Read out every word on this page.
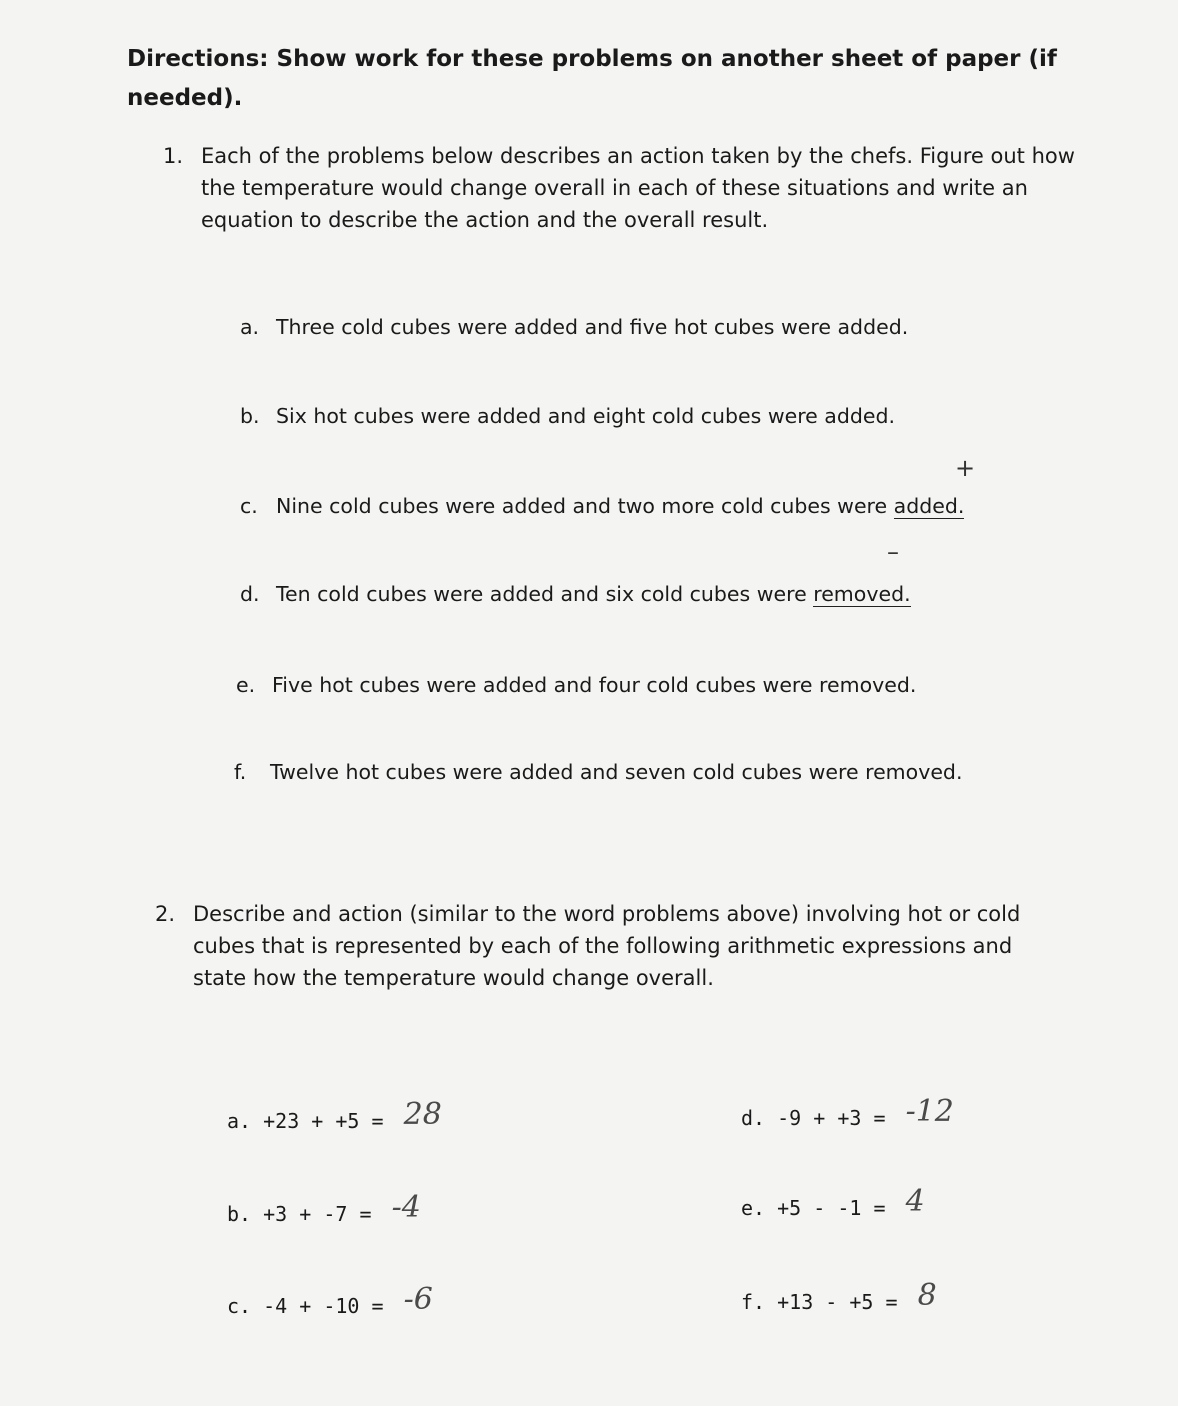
Directions: Show work for these problems on another sheet of paper (if needed).
1. Each of the problems below describes an action taken by the chefs. Figure out how the temperature would change overall in each of these situations and write an equation to describe the action and the overall result.
a. Three cold cubes were added and five hot cubes were added.
b. Six hot cubes were added and eight cold cubes were added.
+
c. Nine cold cubes were added and two more cold cubes were added.
–
d. Ten cold cubes were added and six cold cubes were removed.
e. Five hot cubes were added and four cold cubes were removed.
f. Twelve hot cubes were added and seven cold cubes were removed.
2. Describe and action (similar to the word problems above) involving hot or cold cubes that is represented by each of the following arithmetic expressions and state how the temperature would change overall.
a. +23 + +5 = 28
b. +3 + -7 = -4
c. -4 + -10 = -6
d. -9 + +3 = -12
e. +5 - -1 = 4
f. +13 - +5 = 8
